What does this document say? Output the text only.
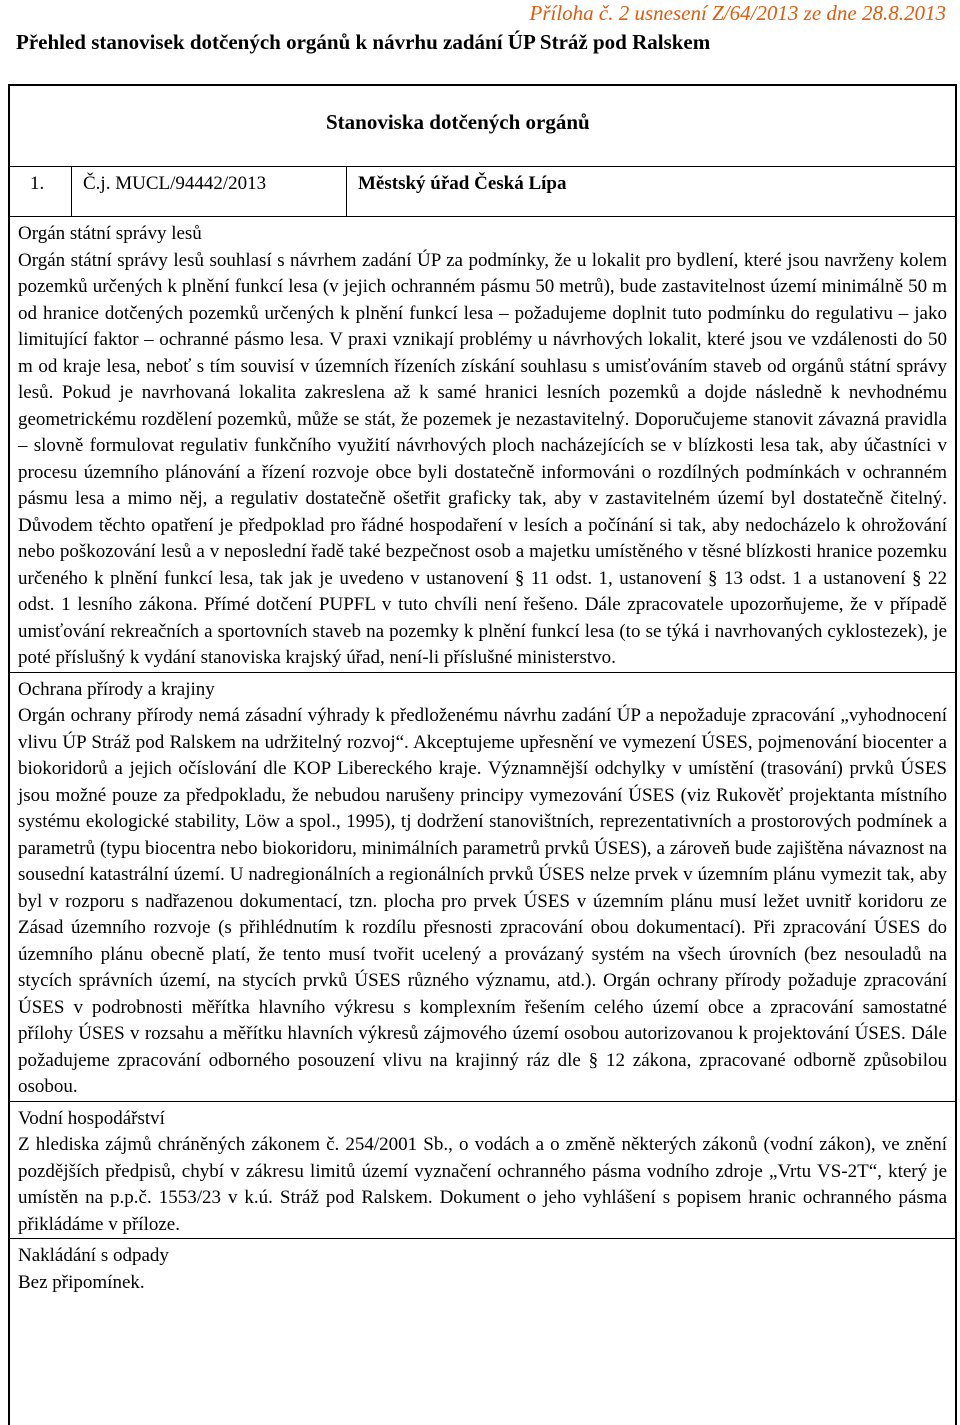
Příloha č. 2 usnesení Z/64/2013 ze dne 28.8.2013
Přehled stanovisek dotčených orgánů k návrhu zadání ÚP Stráž pod Ralskem
Stanoviska dotčených orgánů
1. Č.j. MUCL/94442/2013	Městský úřad Česká Lípa

Orgán státní správy lesů

Orgán státní správy lesů souhlasí s návrhem zadání ÚP za podmínky, že u lokalit pro bydlení, které jsou navrženy kolem pozemků určených k plnění funkcí lesa (v jejich ochranném pásmu 50 metrů), bude zastavitelnost území minimálně 50 m od hranice dotčených pozemků určených k plnění funkcí lesa – požadujeme doplnit tuto podmínku do regulativu – jako limitující faktor – ochranné pásmo lesa. V praxi vznikají problémy u návrhových lokalit, které jsou ve vzdálenosti do 50 m od kraje lesa, neboť s tím souvisí v územních řízeních získání souhlasu s umisťováním staveb od orgánů státní správy lesů. Pokud je navrhovaná lokalita zakreslena až k samé hranici lesních pozemků a dojde následně k nevhodnému geometrickému rozdělení pozemků, může se stát, že pozemek je nezastavitelný. Doporučujeme stanovit závazná pravidla – slovně formulovat regulativ funkčního využití návrhových ploch nacházejících se v blízkosti lesa tak, aby účastníci v procesu územního plánování a řízení rozvoje obce byli dostatečně informováni o rozdílných podmínkách v ochranném pásmu lesa a mimo něj, a regulativ dostatečně ošetřit graficky tak, aby v zastavitelném území byl dostatečně čitelný. Důvodem těchto opatření je předpoklad pro řádné hospodaření v lesích a počínání si tak, aby nedocházelo k ohrožování nebo poškozování lesů a v neposlední řadě také bezpečnost osob a majetku umístěného v těsné blízkosti hranice pozemku určeného k plnění funkcí lesa, tak jak je uvedeno v ustanovení § 11 odst. 1, ustanovení § 13 odst. 1 a ustanovení § 22 odst. 1 lesního zákona. Přímé dotčení PUPFL v tuto chvíli není řešeno. Dále zpracovatele upozorňujeme, že v případě umisťování rekreačních a sportovních staveb na pozemky k plnění funkcí lesa (to se týká i navrhovaných cyklostezek), je poté příslušný k vydání stanoviska krajský úřad, není-li příslušné ministerstvo.

Ochrana přírody a krajiny

Orgán ochrany přírody nemá zásadní výhrady k předloženému návrhu zadání ÚP a nepožaduje zpracování „vyhodnocení vlivu ÚP Stráž pod Ralskem na udržitelný rozvoj“. Akceptujeme upřesnění ve vymezení ÚSES, pojmenování biocenter a biokoridorů a jejich očíslování dle KOP Libereckého kraje. Významnější odchylky v umístění (trasování) prvků ÚSES jsou možné pouze za předpokladu, že nebudou narušeny principy vymezování ÚSES (viz Rukověť projektanta místního systému ekologické stability, Löw a spol., 1995), tj dodržení stanovištních, reprezentativních a prostorových podmínek a parametrů (typu biocentra nebo biokoridoru, minimálních parametrů prvků ÚSES), a zároveň bude zajištěna návaznost na sousední katastrální území. U nadregionálních a regionálních prvků ÚSES nelze prvek v územním plánu vymezit tak, aby byl v rozporu s nadřazenou dokumentací, tzn. plocha pro prvek ÚSES v územním plánu musí ležet uvnitř koridoru ze Zásad územního rozvoje (s přihlédnutím k rozdílu přesnosti zpracování obou dokumentací). Při zpracování ÚSES do územního plánu obecně platí, že tento musí tvořit ucelený a provázaný systém na všech úrovních (bez nesouladů na stycích správních území, na stycích prvků ÚSES různého významu, atd.). Orgán ochrany přírody požaduje zpracování ÚSES v podrobnosti měřítka hlavního výkresu s komplexním řešením celého území obce a zpracování samostatné přílohy ÚSES v rozsahu a měřítku hlavních výkresů zájmového území osobou autorizovanou k projektování ÚSES. Dále požadujeme zpracování odborného posouzení vlivu na krajinný ráz dle § 12 zákona, zpracované odborně způsobilou osobou.

Vodní hospodářství

Z hlediska zájmů chráněných zákonem č. 254/2001 Sb., o vodách a o změně některých zákonů (vodní zákon), ve znění pozdějších předpisů, chybí v zákresu limitů území vyznačení ochranného pásma vodního zdroje „Vrtu VS-2T“, který je umístěn na p.p.č. 1553/23 v k.ú. Stráž pod Ralskem. Dokument o jeho vyhlášení s popisem hranic ochranného pásma přikládáme v příloze.

Nakládání s odpady

Bez připomínek.
